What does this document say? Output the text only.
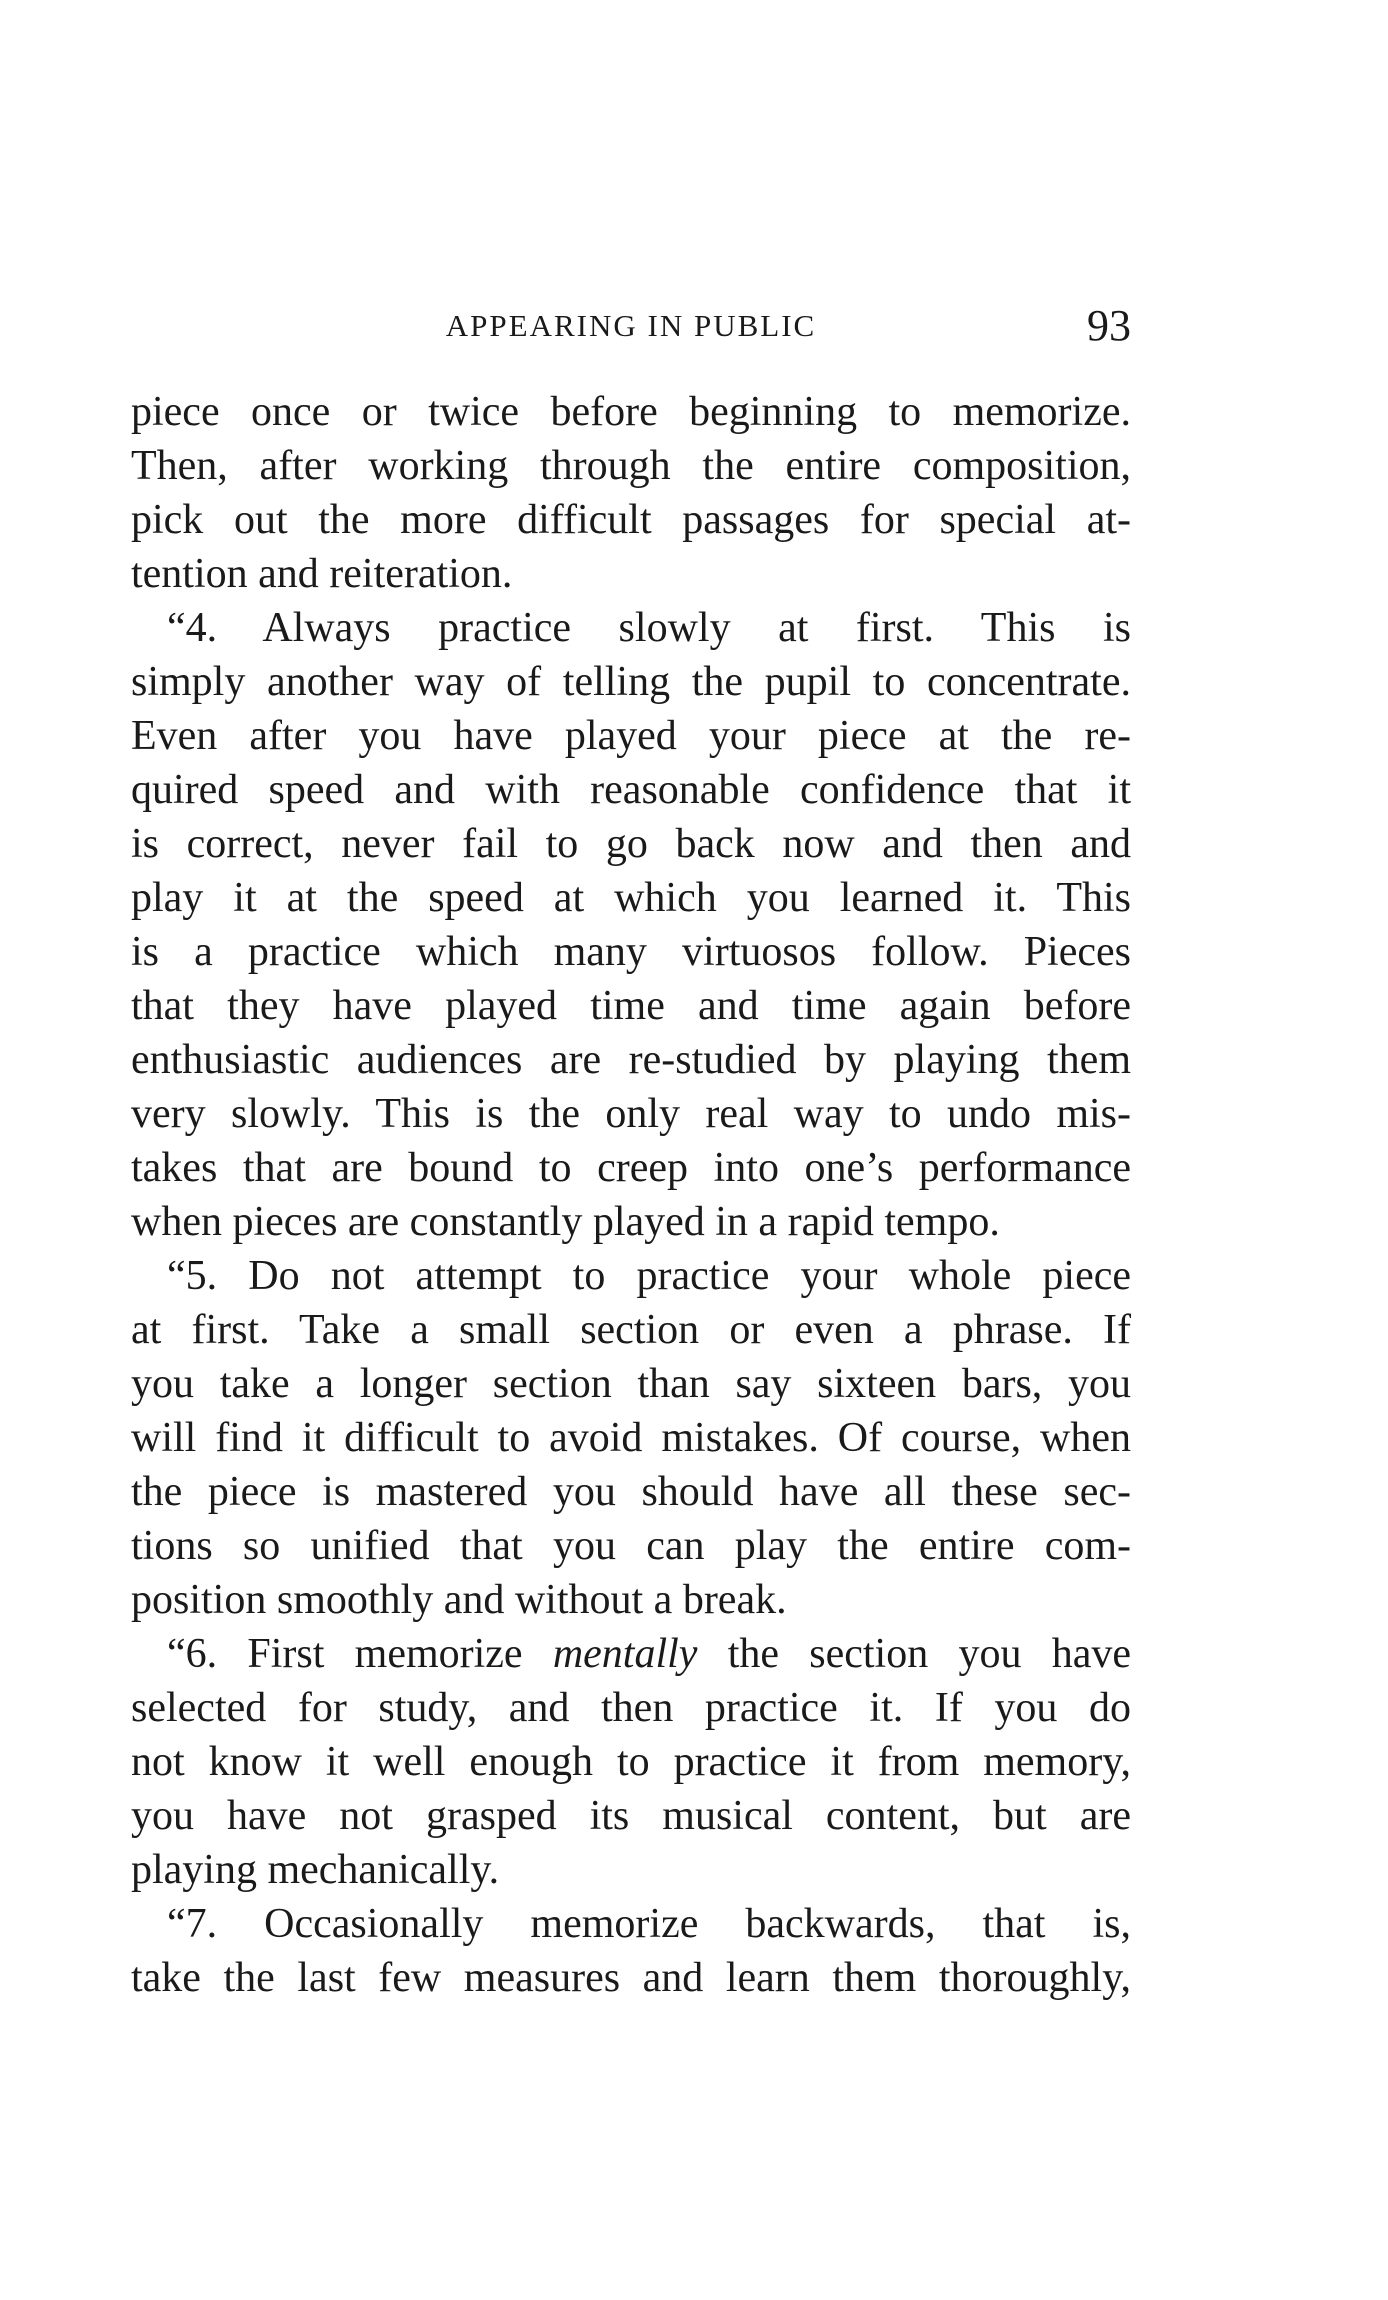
APPEARING IN PUBLIC	93
piece once or twice before beginning to memorize.
Then, after working through the entire composition,
pick out the more difficult passages for special at-
tention and reiteration.
“4. Always practice slowly at first. This is
simply another way of telling the pupil to concentrate.
Even after you have played your piece at the re-
quired speed and with reasonable confidence that it
is correct, never fail to go back now and then and
play it at the speed at which you learned it. This
is a practice which many virtuosos follow. Pieces
that they have played time and time again before
enthusiastic audiences are re-studied by playing them
very slowly. This is the only real way to undo mis-
takes that are bound to creep into one’s performance
when pieces are constantly played in a rapid tempo.
“5. Do not attempt to practice your whole piece
at first. Take a small section or even a phrase. If
you take a longer section than say sixteen bars, you
will find it difficult to avoid mistakes. Of course, when
the piece is mastered you should have all these sec-
tions so unified that you can play the entire com-
position smoothly and without a break.
“6. First memorize mentally the section you have
selected for study, and then practice it. If you do
not know it well enough to practice it from memory,
you have not grasped its musical content, but are
playing mechanically.
“7. Occasionally memorize backwards, that is,
take the last few measures and learn them thoroughly,
